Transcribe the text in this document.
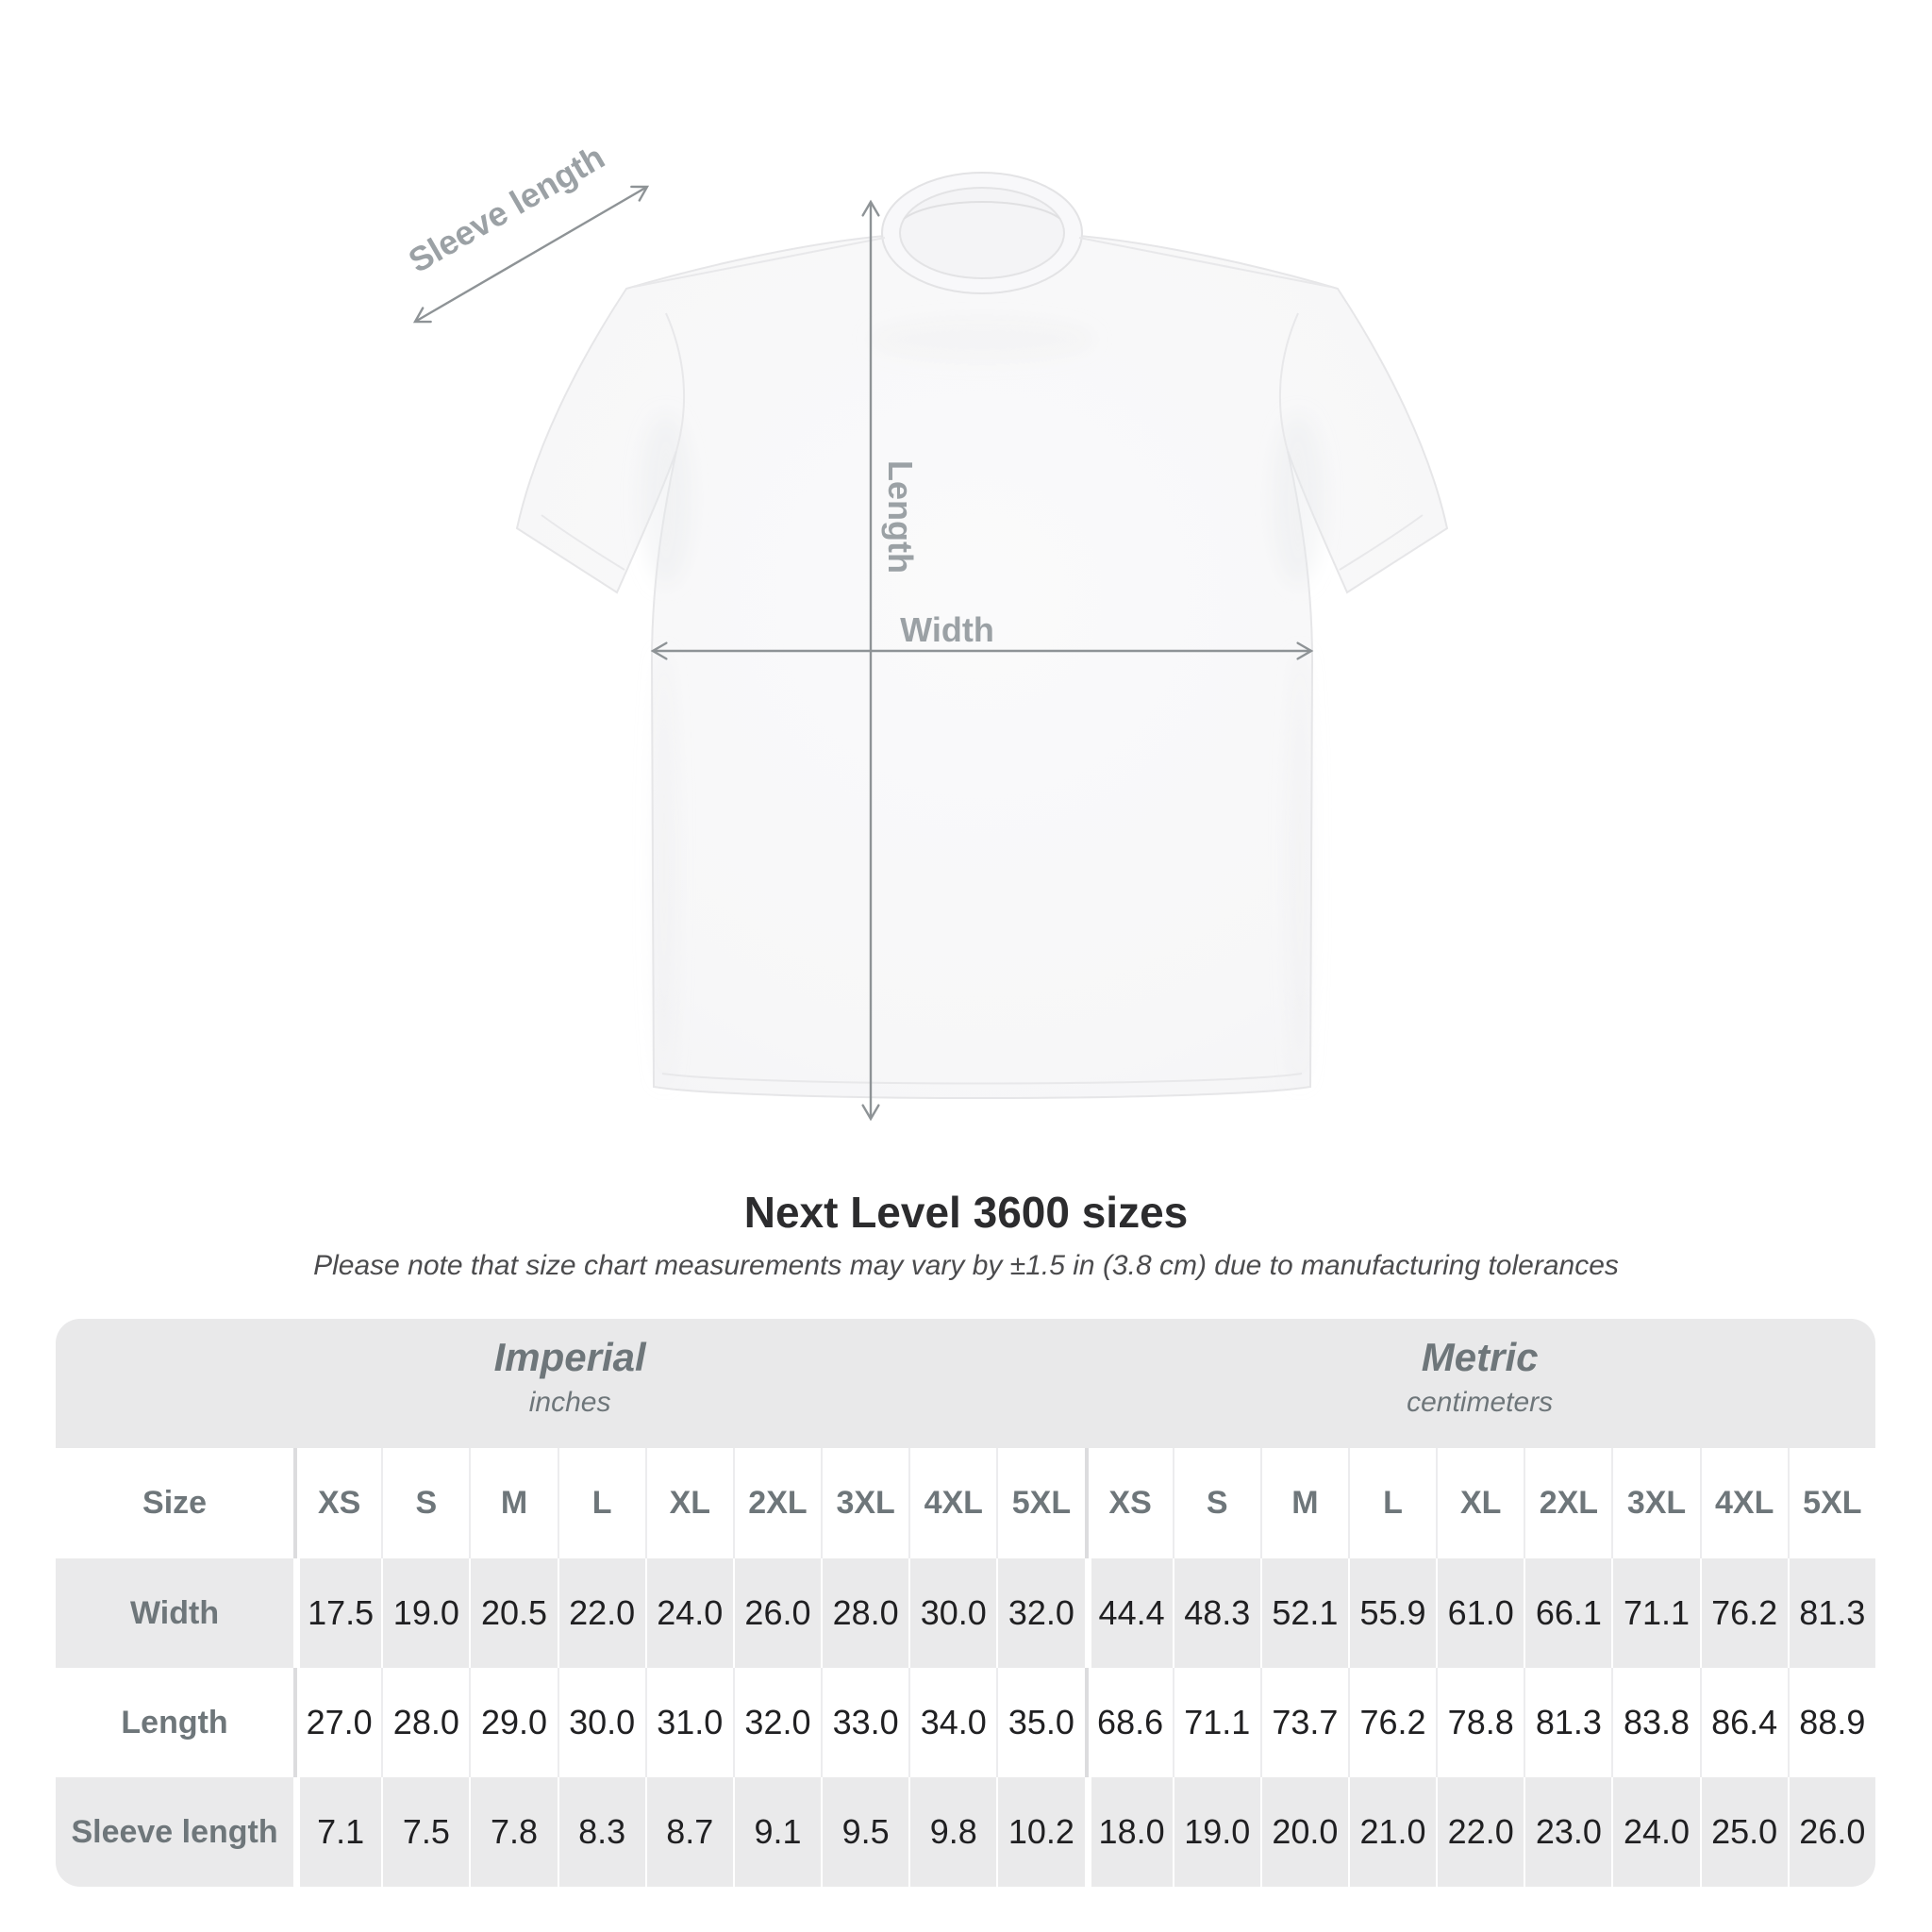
Sleeve length
Length
Width
Next Level 3600 sizes
Please note that size chart measurements may vary by ±1.5 in (3.8 cm) due to manufacturing tolerances
Imperial
inches
Metric
centimeters
Size	XS	S	M	L	XL	2XL 3XL 4XL 5XL	XS	S	M	L	XL	2XL 3XL 4XL 5XL
Width	17.5 19.0 20.5 22.0 24.0 26.0 28.0 30.0 32.0 44.4 48.3 52.1 55.9 61.0 66.1 71.1 76.2 81.3
Length	27.0 28.0 29.0 30.0 31.0 32.0 33.0 34.0 35.0 68.6 71.1 73.7 76.2 78.8 81.3 83.8 86.4 88.9
Sleeve length	7.1	7.5	7.8	8.3	8.7	9.1	9.5	9.8 10.2 18.0 19.0 20.0 21.0 22.0 23.0 24.0 25.0 26.0
